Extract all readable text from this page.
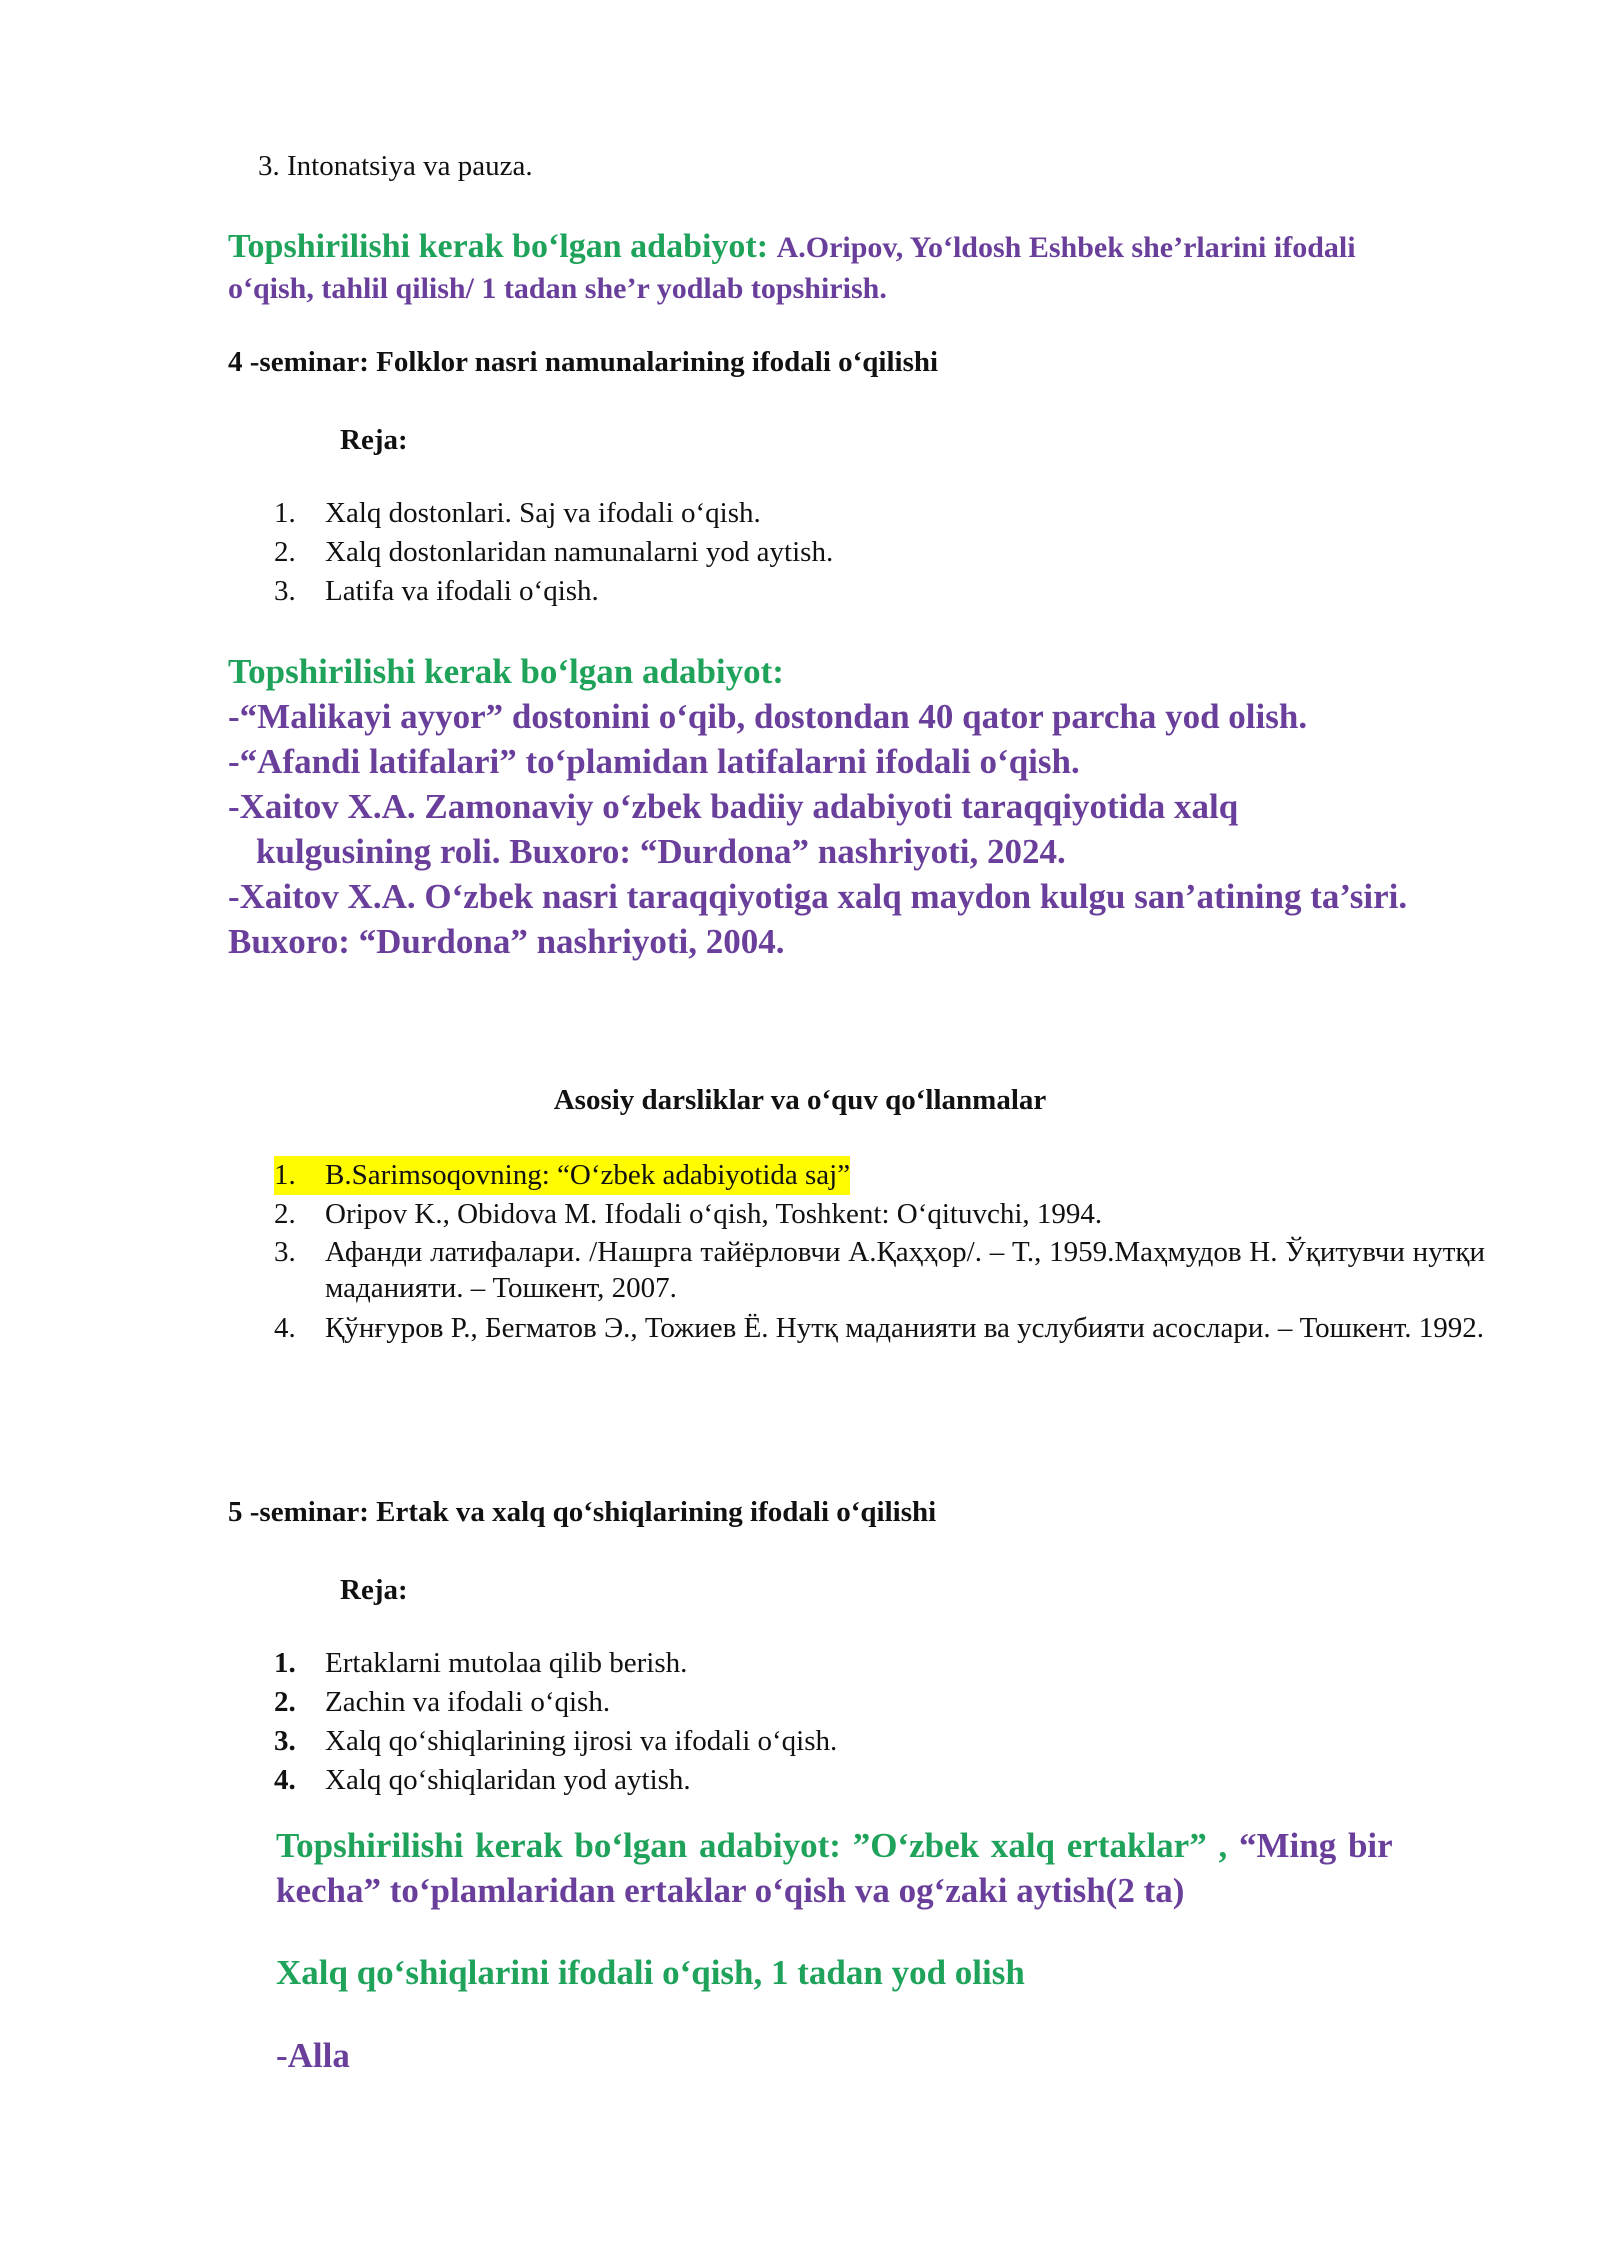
3. Intonatsiya va pauza.
Topshirilishi kerak bo‘lgan adabiyot: A.Oripov, Yo‘ldosh Eshbek she’rlarini ifodali
o‘qish, tahlil qilish/ 1 tadan she’r yodlab topshirish.
4 -seminar: Folklor nasri namunalarining ifodali o‘qilishi
Reja:
1.	Xalq dostonlari. Saj va ifodali o‘qish.
2.	Xalq dostonlaridan namunalarni yod aytish.
3.	Latifa va ifodali o‘qish.
Topshirilishi kerak bo‘lgan adabiyot:
-“Malikayi ayyor” dostonini o‘qib, dostondan 40 qator parcha yod olish.
-“Afandi latifalari” to‘plamidan latifalarni ifodali o‘qish.
-Xaitov X.A. Zamonaviy o‘zbek badiiy adabiyoti taraqqiyotida xalq
kulgusining roli. Buxoro: “Durdona” nashriyoti, 2024.
-Xaitov X.A. O‘zbek nasri taraqqiyotiga xalq maydon kulgu san’atining ta’siri.
Buxoro: “Durdona” nashriyoti, 2004.
Asosiy darsliklar va o‘quv qo‘llanmalar
1.	B.Sarimsoqovning: “O‘zbek adabiyotida saj”
2.	Oripov K., Obidova M. Ifodali o‘qish, Toshkent: O‘qituvchi, 1994.
3.	Афанди латифалари. /Нашрга тайёрловчи А.Қаҳҳор/. – Т., 1959.Маҳмудов Н. Ўқитувчи нутқи маданияти. – Тошкент, 2007.
4.	Қўнғуров Р., Бегматов Э., Тожиев Ё. Нутқ маданияти ва услубияти асослари. – Тошкент. 1992.
5 -seminar: Ertak va xalq qo‘shiqlarining ifodali o‘qilishi
Reja:
1.	Ertaklarni mutolaa qilib berish.
2.	Zachin va ifodali o‘qish.
3.	Xalq qo‘shiqlarining ijrosi va ifodali o‘qish.
4.	Xalq qo‘shiqlaridan yod aytish.
Topshirilishi kerak bo‘lgan adabiyot: ”O‘zbek xalq ertaklar” , “Ming bir
kecha” to‘plamlaridan ertaklar o‘qish va og‘zaki aytish(2 ta)
Xalq qo‘shiqlarini ifodali o‘qish, 1 tadan yod olish
-Alla
